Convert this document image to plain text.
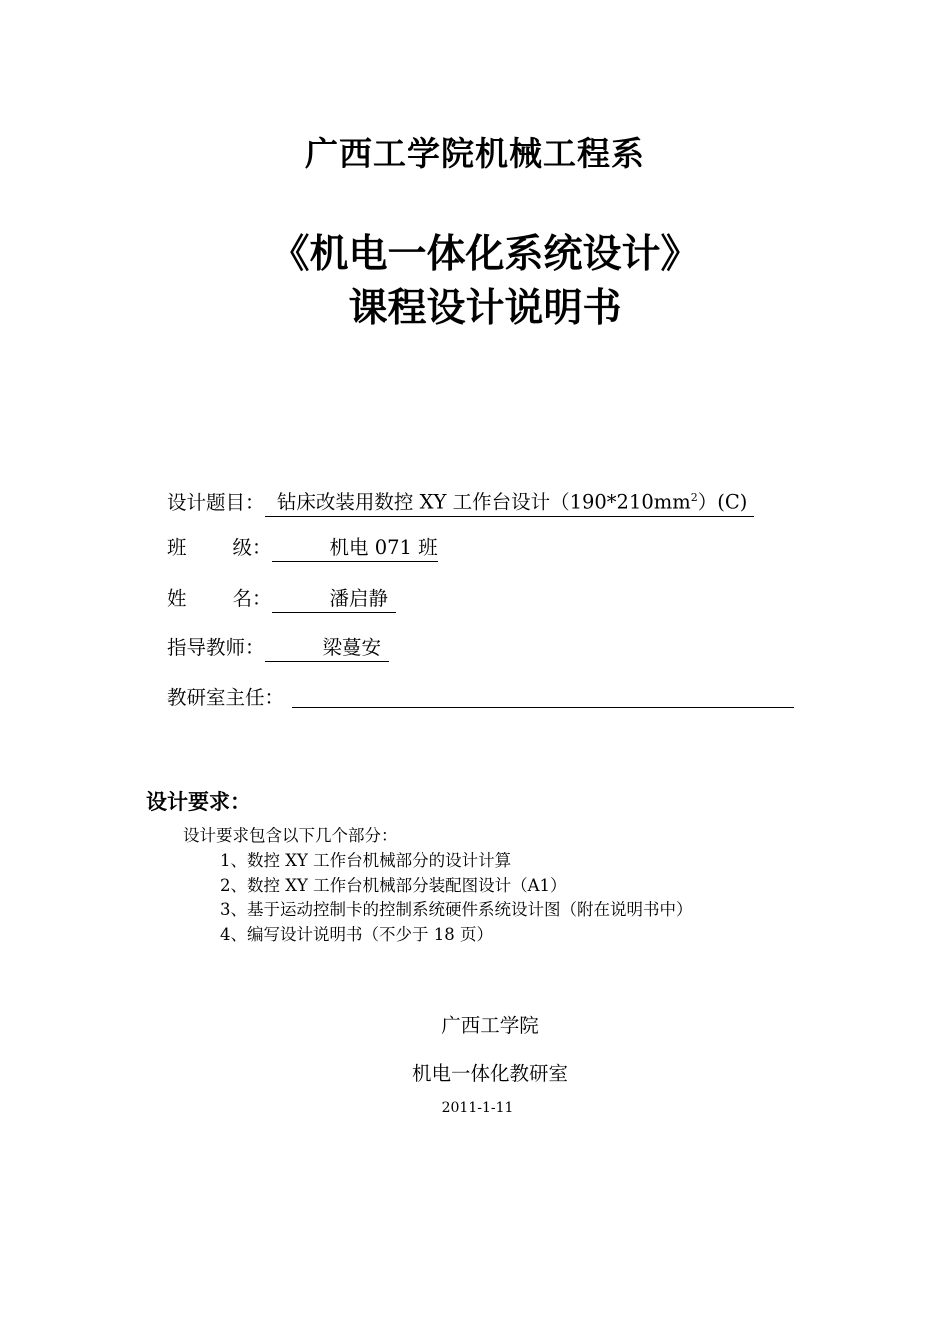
广西工学院机械工程系
《机电一体化系统设计》
课程设计说明书
设计题目： 钻床改装用数控 XY 工作台设计$(190*210mm^2)(C)$
班 级：	机电 071 班
姓 名：	潘启静
指导教师：	梁蔓安
教研室主任：
设计要求：
设计要求包含以下几个部分：
1、数控 XY 工作台机械部分的设计计算
2、数控 XY 工作台机械部分装配图设计（A1）
3、基于运动控制卡的控制系统硬件系统设计图（附在说明书中）
4、编写设计说明书（不少于 18 页）
广西工学院
机电一体化教研室
2011-1-11
